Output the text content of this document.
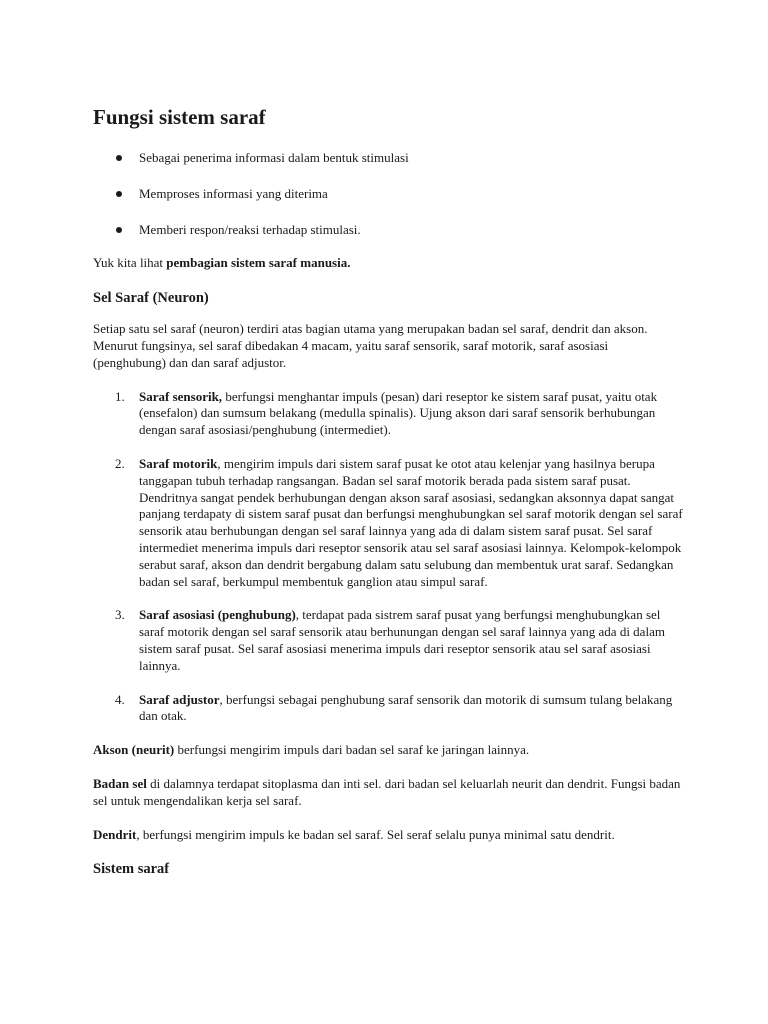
Fungsi sistem saraf
Sebagai penerima informasi dalam bentuk stimulasi
Memproses informasi yang diterima
Memberi respon/reaksi terhadap stimulasi.

Yuk kita lihat pembagian sistem saraf manusia.

Sel Saraf (Neuron)

Setiap satu sel saraf (neuron) terdiri atas bagian utama yang merupakan badan sel saraf, dendrit dan akson. Menurut fungsinya, sel saraf dibedakan 4 macam, yaitu saraf sensorik, saraf motorik, saraf asosiasi (penghubung) dan dan saraf adjustor.

1. Saraf sensorik, berfungsi menghantar impuls (pesan) dari reseptor ke sistem saraf pusat, yaitu otak (ensefalon) dan sumsum belakang (medulla spinalis). Ujung akson dari saraf sensorik berhubungan dengan saraf asosiasi/penghubung (intermediet).
2. Saraf motorik, mengirim impuls dari sistem saraf pusat ke otot atau kelenjar yang hasilnya berupa tanggapan tubuh terhadap rangsangan. Badan sel saraf motorik berada pada sistem saraf pusat. Dendritnya sangat pendek berhubungan dengan akson saraf asosiasi, sedangkan aksonnya dapat sangat panjang terdapaty di sistem saraf pusat dan berfungsi menghubungkan sel saraf motorik dengan sel saraf sensorik atau berhubungan dengan sel saraf lainnya yang ada di dalam sistem saraf pusat. Sel saraf intermediet menerima impuls dari reseptor sensorik atau sel saraf asosiasi lainnya. Kelompok-kelompok serabut saraf, akson dan dendrit bergabung dalam satu selubung dan membentuk urat saraf. Sedangkan badan sel saraf, berkumpul membentuk ganglion atau simpul saraf.
3. Saraf asosiasi (penghubung), terdapat pada sistrem saraf pusat yang berfungsi menghubungkan sel saraf motorik dengan sel saraf sensorik atau berhunungan dengan sel saraf lainnya yang ada di dalam sistem saraf pusat. Sel saraf asosiasi menerima impuls dari reseptor sensorik atau sel saraf asosiasi lainnya.
4. Saraf adjustor, berfungsi sebagai penghubung saraf sensorik dan motorik di sumsum tulang belakang dan otak.

Akson (neurit) berfungsi mengirim impuls dari badan sel saraf ke jaringan lainnya.

Badan sel di dalamnya terdapat sitoplasma dan inti sel. dari badan sel keluarlah neurit dan dendrit. Fungsi badan sel untuk mengendalikan kerja sel saraf.

Dendrit, berfungsi mengirim impuls ke badan sel saraf. Sel seraf selalu punya minimal satu dendrit.

Sistem saraf
